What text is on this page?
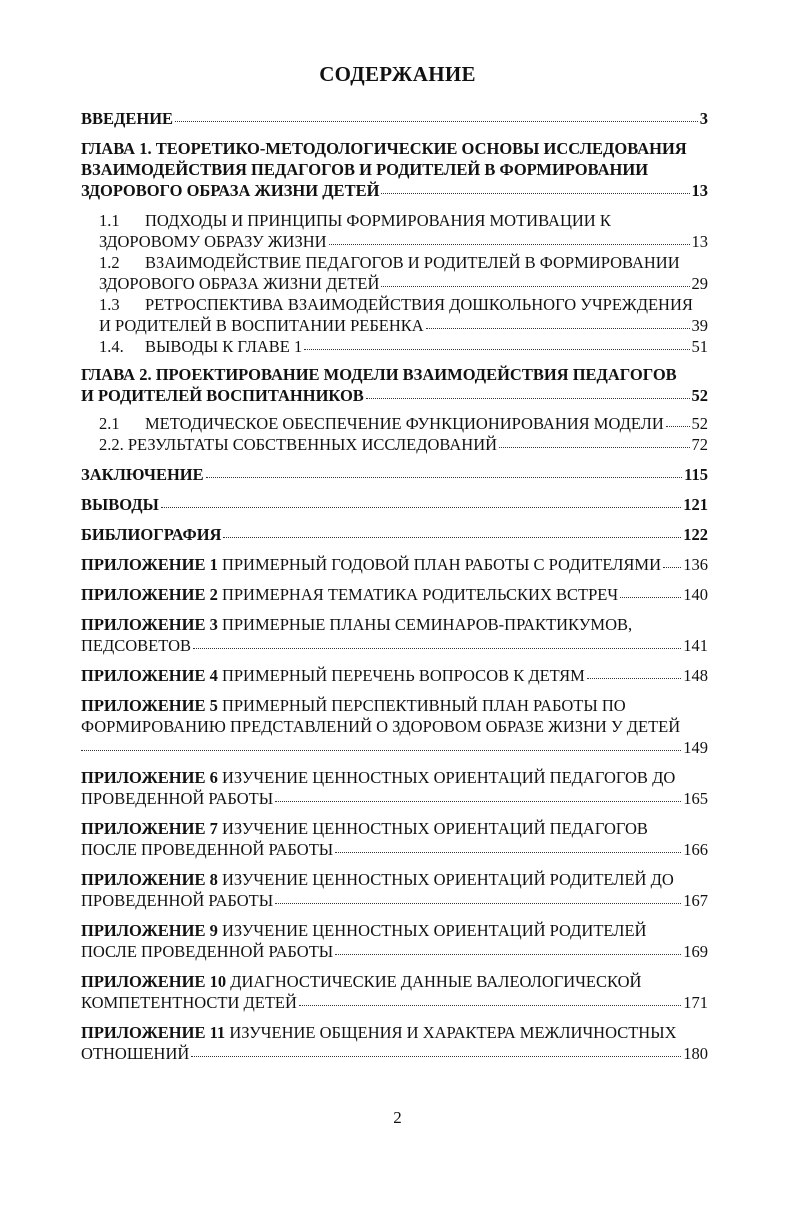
СОДЕРЖАНИЕ
ВВЕДЕНИЕ	3
ГЛАВА 1. ТЕОРЕТИКО-МЕТОДОЛОГИЧЕСКИЕ ОСНОВЫ ИССЛЕДОВАНИЯ
ВЗАИМОДЕЙСТВИЯ ПЕДАГОГОВ И РОДИТЕЛЕЙ В ФОРМИРОВАНИИ
ЗДОРОВОГО ОБРАЗА ЖИЗНИ ДЕТЕЙ	13
1.1 ПОДХОДЫ И ПРИНЦИПЫ ФОРМИРОВАНИЯ МОТИВАЦИИ К
ЗДОРОВОМУ ОБРАЗУ ЖИЗНИ	13
1.2 ВЗАИМОДЕЙСТВИЕ ПЕДАГОГОВ И РОДИТЕЛЕЙ В ФОРМИРОВАНИИ
ЗДОРОВОГО ОБРАЗА ЖИЗНИ ДЕТЕЙ	29
1.3 РЕТРОСПЕКТИВА ВЗАИМОДЕЙСТВИЯ ДОШКОЛЬНОГО УЧРЕЖДЕНИЯ
И РОДИТЕЛЕЙ В ВОСПИТАНИИ РЕБЕНКА	39
1.4. ВЫВОДЫ К ГЛАВЕ 1	51
ГЛАВА 2. ПРОЕКТИРОВАНИЕ МОДЕЛИ ВЗАИМОДЕЙСТВИЯ ПЕДАГОГОВ
И РОДИТЕЛЕЙ ВОСПИТАННИКОВ	52
2.1 МЕТОДИЧЕСКОЕ ОБЕСПЕЧЕНИЕ ФУНКЦИОНИРОВАНИЯ МОДЕЛИ 52
2.2. РЕЗУЛЬТАТЫ СОБСТВЕННЫХ ИССЛЕДОВАНИЙ	72
ЗАКЛЮЧЕНИЕ	115
ВЫВОДЫ	121
БИБЛИОГРАФИЯ	122
ПРИЛОЖЕНИЕ 1 ПРИМЕРНЫЙ ГОДОВОЙ ПЛАН РАБОТЫ С РОДИТЕЛЯМИ 136
ПРИЛОЖЕНИЕ 2 ПРИМЕРНАЯ ТЕМАТИКА РОДИТЕЛЬСКИХ ВСТРЕЧ	140
ПРИЛОЖЕНИЕ 3 ПРИМЕРНЫЕ ПЛАНЫ СЕМИНАРОВ-ПРАКТИКУМОВ,
ПЕДСОВЕТОВ	141
ПРИЛОЖЕНИЕ 4 ПРИМЕРНЫЙ ПЕРЕЧЕНЬ ВОПРОСОВ К ДЕТЯМ	148
ПРИЛОЖЕНИЕ 5 ПРИМЕРНЫЙ ПЕРСПЕКТИВНЫЙ ПЛАН РАБОТЫ ПО
ФОРМИРОВАНИЮ ПРЕДСТАВЛЕНИЙ О ЗДОРОВОМ ОБРАЗЕ ЖИЗНИ У ДЕТЕЙ
149
ПРИЛОЖЕНИЕ 6 ИЗУЧЕНИЕ ЦЕННОСТНЫХ ОРИЕНТАЦИЙ ПЕДАГОГОВ ДО
ПРОВЕДЕННОЙ РАБОТЫ	165
ПРИЛОЖЕНИЕ 7 ИЗУЧЕНИЕ ЦЕННОСТНЫХ ОРИЕНТАЦИЙ ПЕДАГОГОВ
ПОСЛЕ ПРОВЕДЕННОЙ РАБОТЫ	166
ПРИЛОЖЕНИЕ 8 ИЗУЧЕНИЕ ЦЕННОСТНЫХ ОРИЕНТАЦИЙ РОДИТЕЛЕЙ ДО
ПРОВЕДЕННОЙ РАБОТЫ	167
ПРИЛОЖЕНИЕ 9 ИЗУЧЕНИЕ ЦЕННОСТНЫХ ОРИЕНТАЦИЙ РОДИТЕЛЕЙ
ПОСЛЕ ПРОВЕДЕННОЙ РАБОТЫ	169
ПРИЛОЖЕНИЕ 10 ДИАГНОСТИЧЕСКИЕ ДАННЫЕ ВАЛЕОЛОГИЧЕСКОЙ
КОМПЕТЕНТНОСТИ ДЕТЕЙ	171
ПРИЛОЖЕНИЕ 11 ИЗУЧЕНИЕ ОБЩЕНИЯ И ХАРАКТЕРА МЕЖЛИЧНОСТНЫХ
ОТНОШЕНИЙ	180
2
